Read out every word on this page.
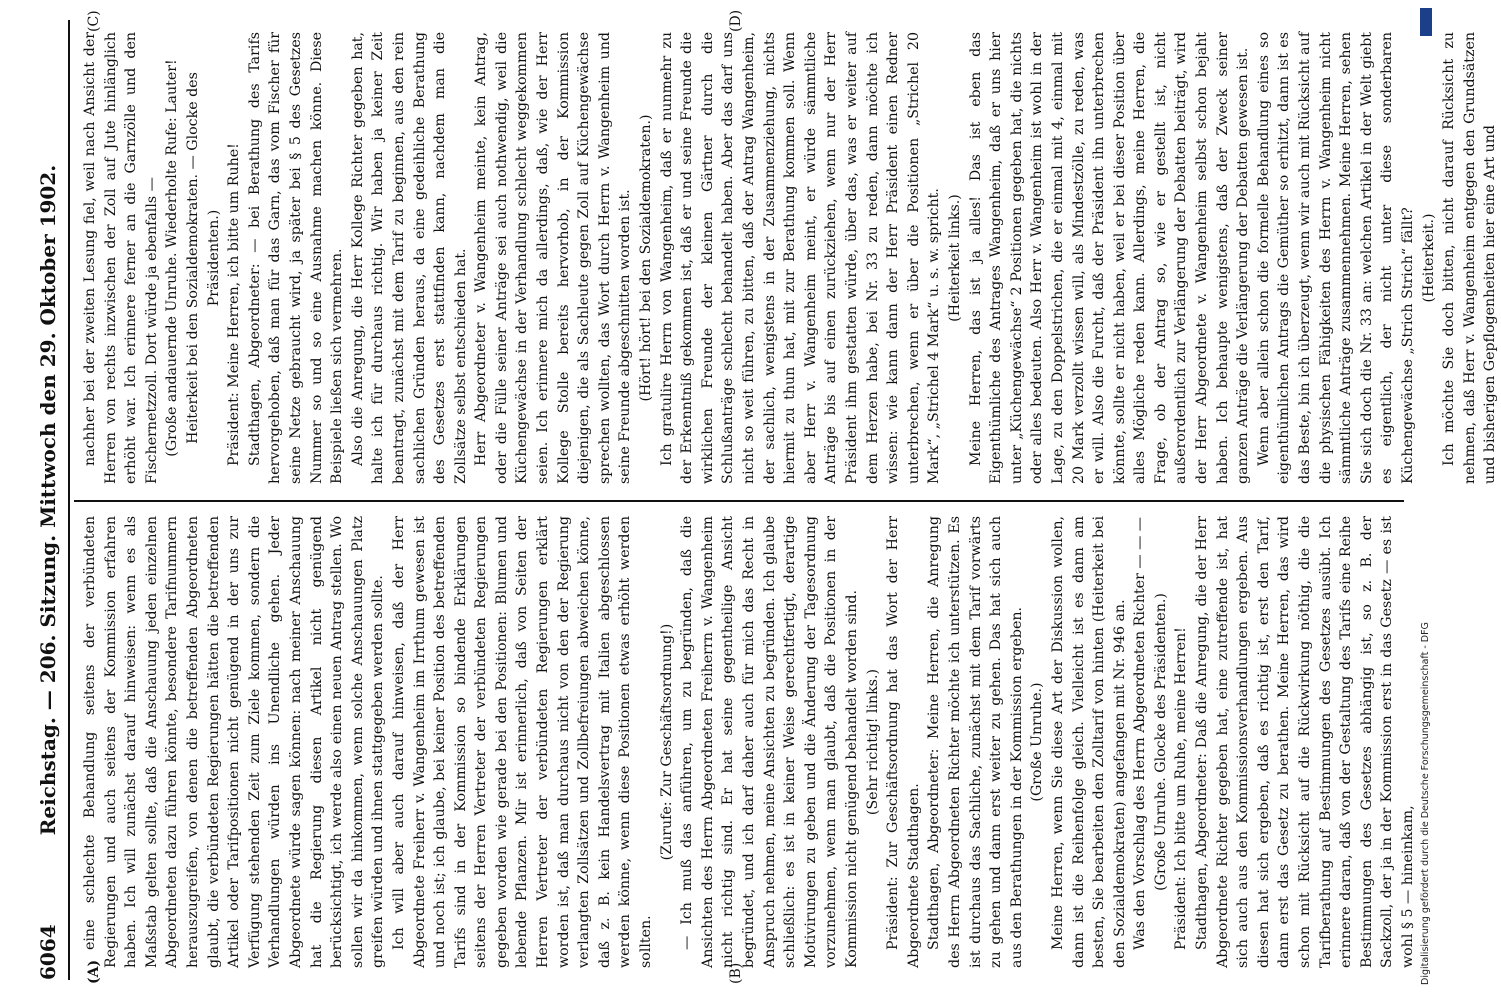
6064
Reichstag. — 206. Sitzung. Mittwoch den 29. Oktober 1902.
(A)	(B)
(C)	(D)

eine schlechte Behandlung seitens der verbündeten Regierungen und auch seitens der Kommission erfahren haben. Ich will zunächst darauf hinweisen: wenn es als Maßstab gelten sollte, daß die Anschauung jeden einzelnen Abgeordneten dazu führen könnte, besondere Tarifnummern herauszugreifen, von denen die betreffenden Abgeordneten glaubt, die verbündeten Regierungen hätten die betreffenden Artikel oder Tarifpositionen nicht genügend in der uns zur Verfügung stehenden Zeit zum Ziele kommen, sondern die Verhandlungen würden ins Unendliche gehen. Jeder Abgeordnete würde sagen können: nach meiner Anschauung hat die Regierung diesen Artikel nicht genügend berücksichtigt, ich werde also einen neuen Antrag stellen. Wo sollen wir da hinkommen, wenn solche Anschauungen Platz greifen würden und ihnen stattgegeben werden sollte. Ich will aber auch darauf hinweisen, daß der Herr Abgeordnete Freiherr v. Wangenheim im Irrthum gewesen ist und noch ist; ich glaube, bei keiner Position des betreffenden Tarifs sind in der Kommission so bindende Erklärungen seitens der Herren Vertreter der verbündeten Regierungen gegeben worden wie gerade bei den Positionen: Blumen und lebende Pflanzen. Mir ist erinnerlich, daß von Seiten der Herren Vertreter der verbündeten Regierungen erklärt worden ist, daß man durchaus nicht von den der Regierung verlangten Zollsätzen und Zollbefreiungen abweichen könne, daß z. B. kein Handelsvertrag mit Italien abgeschlossen werden könne, wenn diese Positionen etwas erhöht werden sollten.

(Zurufe: Zur Geschäftsordnung!) — Ich muß das anführen, um zu begründen, daß die Ansichten des Herrn Abgeordneten Freiherrn v. Wangenheim nicht richtig sind. Er hat seine gegentheilige Ansicht begründet, und ich darf daher auch für mich das Recht in Anspruch nehmen, meine Ansichten zu begründen. Ich glaube schließlich: es ist in keiner Weise gerechtfertigt, derartige Motivirungen zu geben und die Änderung der Tagesordnung vorzunehmen, wenn man glaubt, daß die Positionen in der Kommission nicht genügend behandelt worden sind. (Sehr richtig! links.) Präsident: Zur Geschäftsordnung hat das Wort der Herr Abgeordnete Stadthagen. Stadthagen, Abgeordneter: Meine Herren, die Anregung des Herrn Abgeordneten Richter möchte ich unterstützen. Es ist durchaus das Sachliche, zunächst mit dem Tarif vorwärts zu gehen und dann erst weiter zu gehen. Das hat sich auch aus den Berathungen in der Kommission ergeben. (Große Unruhe.) Meine Herren, wenn Sie diese Art der Diskussion wollen, dann ist die Reihenfolge gleich. Vielleicht ist es dann am besten, Sie bearbeiten den Zolltarif von hinten (Heiterkeit bei den Sozialdemokraten) angefangen mit Nr. 946 an. Was den Vorschlag des Herrn Abgeordneten Richter — — — (Große Unruhe. Glocke des Präsidenten.) Präsident: Ich bitte um Ruhe, meine Herren! Stadthagen, Abgeordneter: Daß die Anregung, die der Herr Abgeordnete Richter gegeben hat, eine zutreffende ist, hat sich auch aus den Kommissionsverhandlungen ergeben. Aus diesen hat sich ergeben, daß es richtig ist, erst den Tarif, dann erst das Gesetz zu berathen. Meine Herren, das wird schon mit Rücksicht auf die Rückwirkung nöthig, die die Tarifberathung auf Bestimmungen des Gesetzes ausübt. Ich erinnere daran, daß von der Gestaltung des Tarifs eine Reihe Bestimmungen des Gesetzes abhängig ist, so z. B. der Sackzoll, der ja in der Kommission erst in das Gesetz — es ist wohl § 5 — hineinkam,

nachher bei der zweiten Lesung fiel, weil nach Ansicht der Herren von rechts inzwischen der Zoll auf Jute hinlänglich erhöht war. Ich erinnere ferner an die Garnzölle und den Fischernetzzoll. Dort würde ja ebenfalls — (Große andauernde Unruhe. Wiederholte Rufe: Lauter! Heiterkeit bei den Sozialdemokraten. — Glocke des Präsidenten.) Präsident: Meine Herren, ich bitte um Ruhe! Stadthagen, Abgeordneter: — bei Berathung des Tarifs hervorgehoben, daß man für das Garn, das vom Fischer für seine Netze gebraucht wird, ja später bei § 5 des Gesetzes Nummer so und so eine Ausnahme machen könne. Diese Beispiele ließen sich vermehren. Also die Anregung, die Herr Kollege Richter gegeben hat, halte ich für durchaus richtig. Wir haben ja keiner Zeit beantragt, zunächst mit dem Tarif zu beginnen, aus den rein sachlichen Gründen heraus, da eine gedeihliche Berathung des Gesetzes erst stattfinden kann, nachdem man die Zollsätze selbst entschieden hat. Herr Abgeordneter v. Wangenheim meinte, kein Antrag, oder die Fülle seiner Anträge sei auch nothwendig, weil die Küchengewächse in der Verhandlung schlecht weggekommen seien. Ich erinnere mich da allerdings, daß, wie der Herr Kollege Stolle bereits hervorhob, in der Kommission diejenigen, die als Sachleute gegen Zoll auf Küchengewächse sprechen wollten, das Wort durch Herrn v. Wangenheim und seine Freunde abgeschnitten worden ist. (Hört! hört! bei den Sozialdemokraten.) Ich gratulire Herrn von Wangenheim, daß er nunmehr zu der Erkenntniß gekommen ist, daß er und seine Freunde die wirklichen Freunde der kleinen Gärtner durch die Schlußanträge schlecht behandelt haben. Aber das darf uns nicht so weit führen, zu bitten, daß der Antrag Wangenheim, der sachlich, wenigstens in der Zusammenziehung, nichts hiermit zu thun hat, mit zur Berathung kommen soll. Wenn aber Herr v. Wangenheim meint, er würde sämmtliche Anträge bis auf einen zurückziehen, wenn nur der Herr Präsident ihm gestatten würde, über das, was er weiter auf dem Herzen habe, bei Nr. 33 zu reden, dann möchte ich wissen: wie kann dann der Herr Präsident einen Redner unterbrechen, wenn er über die Positionen „Strichel 20 Mark“, „Strichel 4 Mark“ u. s. w. spricht. (Heiterkeit links.) Meine Herren, das ist ja alles! Das ist eben das Eigenthümliche des Antrages Wangenheim, daß er uns hier unter „Küchengewächse“ 2 Positionen gegeben hat, die nichts oder alles bedeuten. Also Herr v. Wangenheim ist wohl in der Lage, zu den Doppelstrichen, die er einmal mit 4, einmal mit 20 Mark verzollt wissen will, als Mindestzölle, zu reden, was er will. Also die Furcht, daß der Präsident ihn unterbrechen könnte, sollte er nicht haben, weil er bei dieser Position über alles Mögliche reden kann. Allerdings, meine Herren, die Frage, ob der Antrag so, wie er gestellt ist, nicht außerordentlich zur Verlängerung der Debatten beiträgt, wird der Herr Abgeordnete v. Wangenheim selbst schon bejaht haben. Ich behaupte wenigstens, daß der Zweck seiner ganzen Anträge die Verlängerung der Debatten gewesen ist. Wenn aber allein schon die formelle Behandlung eines so eigenthümlichen Antrags die Gemüther so erhitzt, dann ist es das Beste, bin ich überzeugt, wenn wir auch mit Rücksicht auf die physischen Fähigkeiten des Herrn v. Wangenheim nicht sämmtliche Anträge zusammennehmen. Meine Herren, sehen Sie sich doch die Nr. 33 an: welchen Artikel in der Welt giebt es eigentlich, der nicht unter diese sonderbaren Küchengewächse „Strich Strich“ fällt? (Heiterkeit.) Ich möchte Sie doch bitten, nicht darauf Rücksicht zu nehmen, daß Herr v. Wangenheim entgegen den Grundsätzen und bisherigen Gepflogenheiten hier eine Art und

Digitalisierung gefördert durch die Deutsche Forschungsgemeinschaft - DFG
